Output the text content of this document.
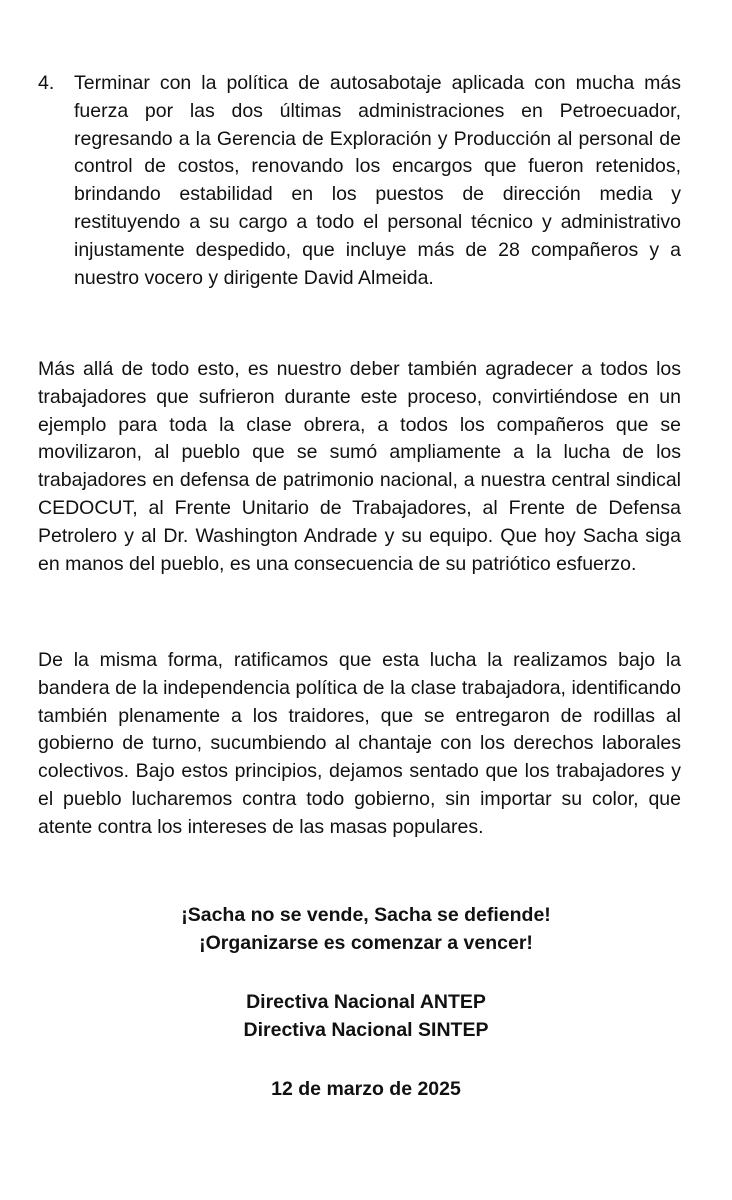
4.	Terminar con la política de autosabotaje aplicada con mucha más fuerza por las dos últimas administraciones en Petroecuador, regresando a la Gerencia de Exploración y Producción al personal de control de costos, renovando los encargos que fueron retenidos, brindando estabilidad en los puestos de dirección media y restituyendo a su cargo a todo el personal técnico y administrativo injustamente despedido, que incluye más de 28 compañeros y a nuestro vocero y dirigente David Almeida.

Más allá de todo esto, es nuestro deber también agradecer a todos los trabajadores que sufrieron durante este proceso, convirtiéndose en un ejemplo para toda la clase obrera, a todos los compañeros que se movilizaron, al pueblo que se sumó ampliamente a la lucha de los trabajadores en defensa de patrimonio nacional, a nuestra central sindical CEDOCUT, al Frente Unitario de Trabajadores, al Frente de Defensa Petrolero y al Dr. Washington Andrade y su equipo. Que hoy Sacha siga en manos del pueblo, es una consecuencia de su patriótico esfuerzo.

De la misma forma, ratificamos que esta lucha la realizamos bajo la bandera de la independencia política de la clase trabajadora, identificando también plenamente a los traidores, que se entregaron de rodillas al gobierno de turno, sucumbiendo al chantaje con los derechos laborales colectivos. Bajo estos principios, dejamos sentado que los trabajadores y el pueblo lucharemos contra todo gobierno, sin importar su color, que atente contra los intereses de las masas populares.

¡Sacha no se vende, Sacha se defiende!
¡Organizarse es comenzar a vencer!
Directiva Nacional ANTEP
Directiva Nacional SINTEP
12 de marzo de 2025
